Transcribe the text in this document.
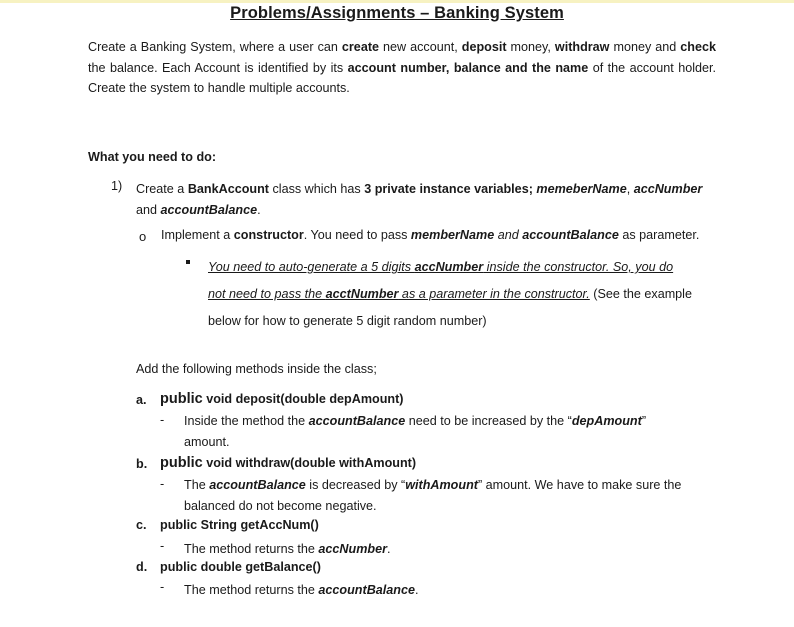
Problems/Assignments – Banking System
Create a Banking System, where a user can create new account, deposit money, withdraw money and check the balance. Each Account is identified by its account number, balance and the name of the account holder. Create the system to handle multiple accounts.
What you need to do:
1) Create a BankAccount class which has 3 private instance variables; memeberName, accNumber
and accountBalance.
o Implement a constructor. You need to pass memberName and accountBalance as parameter.
You need to auto-generate a 5 digits accNumber inside the constructor. So, you do
not need to pass the acctNumber as a parameter in the constructor. (See the example
below for how to generate 5 digit random number)
Add the following methods inside the class;
a. public void deposit(double depAmount)
- Inside the method the accountBalance need to be increased by the “depAmount”
amount.
b. public void withdraw(double withAmount)
- The accountBalance is decreased by “withAmount” amount. We have to make sure the
balanced do not become negative.
c. public String getAccNum()
- The method returns the accNumber.
d. public double getBalance()
- The method returns the accountBalance.
